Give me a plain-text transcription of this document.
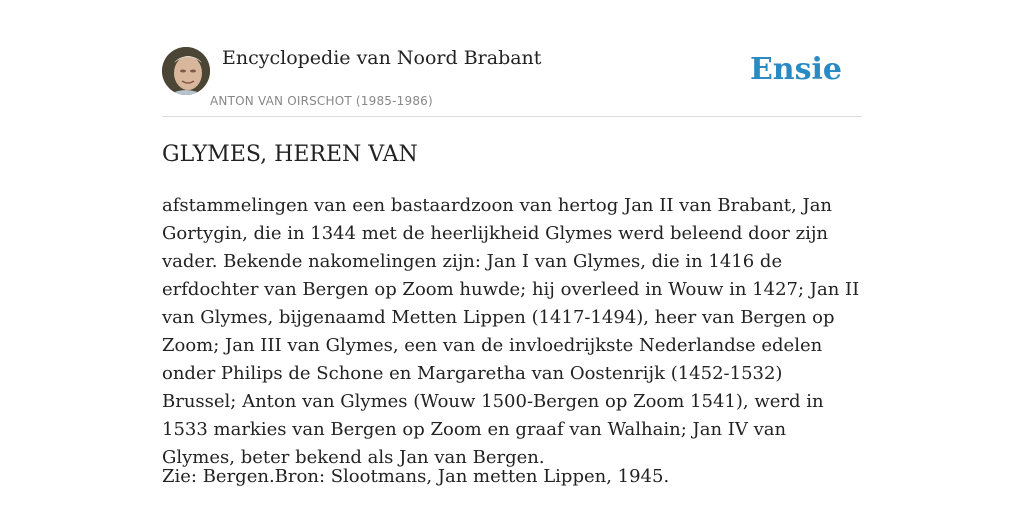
Encyclopedie van Noord Brabant
ANTON VAN OIRSCHOT (1985-1986)
Ensie
GLYMES, HEREN VAN

afstammelingen van een bastaardzoon van hertog Jan II van Brabant, Jan Gortygin, die in 1344 met de heerlijkheid Glymes werd beleend door zijn vader. Bekende nakomelingen zijn: Jan I van Glymes, die in 1416 de erfdochter van Bergen op Zoom huwde; hij overleed in Wouw in 1427; Jan II van Glymes, bijgenaamd Metten Lippen (1417-1494), heer van Bergen op Zoom; Jan III van Glymes, een van de invloedrijkste Nederlandse edelen onder Philips de Schone en Margaretha van Oostenrijk (1452-1532) Brussel; Anton van Glymes (Wouw 1500-Bergen op Zoom 1541), werd in 1533 markies van Bergen op Zoom en graaf van Walhain; Jan IV van Glymes, beter bekend als Jan van Bergen.

Zie: Bergen.Bron: Slootmans, Jan metten Lippen, 1945.
